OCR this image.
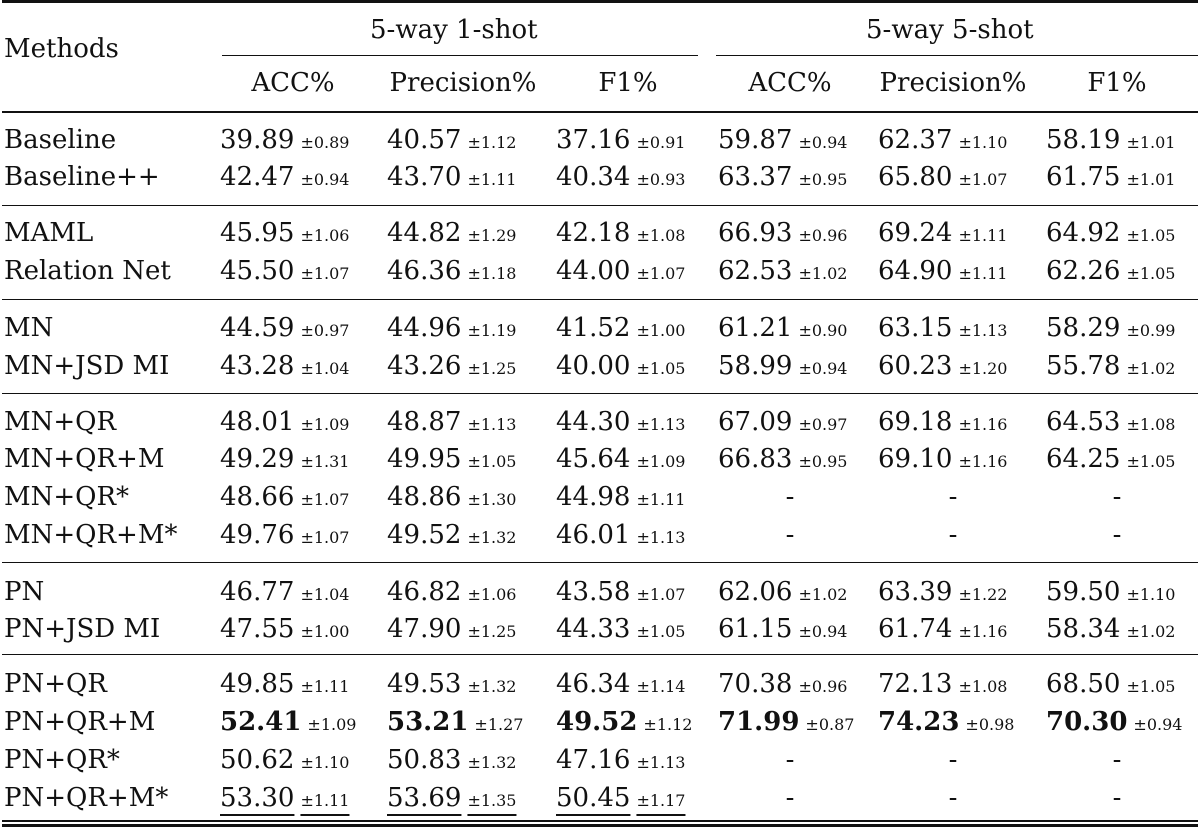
Methods
5-way 1-shot	5-way 5-shot
ACC% Precision% F1%	ACC% Precision% F1%
Baseline	39.89 ±0.89 40.57 ±1.12 37.16 ±0.91 59.87 ±0.94 62.37 ±1.10 58.19 ±1.01
Baseline++ 42.47 ±0.94 43.70 ±1.11 40.34 ±0.93 63.37 ±0.95 65.80 ±1.07 61.75 ±1.01
MAML	45.95 ±1.06 44.82 ±1.29 42.18 ±1.08 66.93 ±0.96 69.24 ±1.11 64.92 ±1.05
Relation Net 45.50 ±1.07 46.36 ±1.18 44.00 ±1.07 62.53 ±1.02 64.90 ±1.11 62.26 ±1.05
MN	44.59 ±0.97 44.96 ±1.19 41.52 ±1.00 61.21 ±0.90 63.15 ±1.13 58.29 ±0.99
MN+JSD MI 43.28 ±1.04 43.26 ±1.25 40.00 ±1.05 58.99 ±0.94 60.23 ±1.20 55.78 ±1.02
MN+QR	48.01 ±1.09 48.87 ±1.13 44.30 ±1.13 67.09 ±0.97 69.18 ±1.16 64.53 ±1.08
MN+QR+M 49.29 ±1.31 49.95 ±1.05 45.64 ±1.09 66.83 ±0.95 69.10 ±1.16 64.25 ±1.05
MN+QR*	48.66 ±1.07 48.86 ±1.30 44.98 ±1.11	-	-	-
MN+QR+M* 49.76 ±1.07 49.52 ±1.32 46.01 ±1.13	-	-	-
PN	46.77 ±1.04 46.82 ±1.06 43.58 ±1.07 62.06 ±1.02 63.39 ±1.22 59.50 ±1.10
PN+JSD MI 47.55 ±1.00 47.90 ±1.25 44.33 ±1.05 61.15 ±0.94 61.74 ±1.16 58.34 ±1.02
PN+QR	49.85 ±1.11 49.53 ±1.32 46.34 ±1.14 70.38 ±0.96 72.13 ±1.08 68.50 ±1.05
PN+QR+M 52.41 ±1.09 53.21 ±1.27 49.52 ±1.12 71.99 ±0.87 74.23 ±0.98 70.30 ±0.94
PN+QR*	50.62 ±1.10 50.83 ±1.32 47.16 ±1.13	-	-	-
PN+QR+M* 53.30 ±1.11 53.69 ±1.35 50.45 ±1.17	-	-	-
